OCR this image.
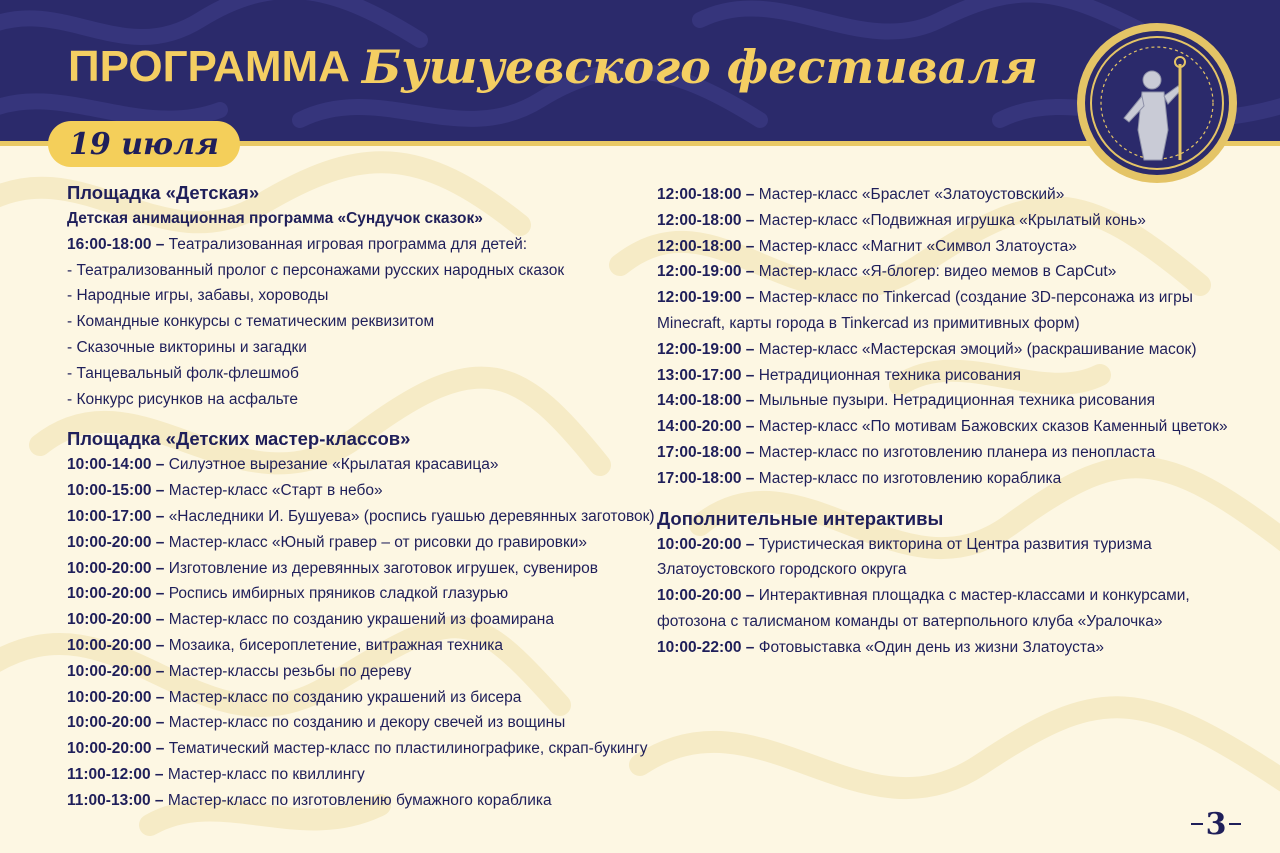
ПРОГРАММА Бушуевского фестиваля
19 июля
Площадка «Детская»
Детская анимационная программа «Сундучок сказок»
16:00-18:00 – Театрализованная игровая программа для детей:
- Театрализованный пролог с персонажами русских народных сказок
- Народные игры, забавы, хороводы
- Командные конкурсы с тематическим реквизитом
- Сказочные викторины и загадки
- Танцевальный фолк-флешмоб
- Конкурс рисунков на асфальте
Площадка «Детских мастер-классов»
10:00-14:00 – Силуэтное вырезание «Крылатая красавица»
10:00-15:00 – Мастер-класс «Старт в небо»
10:00-17:00 – «Наследники И. Бушуева» (роспись гуашью деревянных заготовок)
10:00-20:00 – Мастер-класс «Юный гравер – от рисовки до гравировки»
10:00-20:00 – Изготовление из деревянных заготовок игрушек, сувениров
10:00-20:00 – Роспись имбирных пряников сладкой глазурью
10:00-20:00 – Мастер-класс по созданию украшений из фоамирана
10:00-20:00 – Мозаика, бисероплетение, витражная техника
10:00-20:00 – Мастер-классы резьбы по дереву
10:00-20:00 – Мастер-класс по созданию украшений из бисера
10:00-20:00 – Мастер-класс по созданию и декору свечей из вощины
10:00-20:00 – Тематический мастер-класс по пластилинографике, скрап-букингу
11:00-12:00 – Мастер-класс по квиллингу
11:00-13:00 – Мастер-класс по изготовлению бумажного кораблика
12:00-18:00 – Мастер-класс «Браслет «Златоустовский»
12:00-18:00 – Мастер-класс «Подвижная игрушка «Крылатый конь»
12:00-18:00 – Мастер-класс «Магнит «Символ Златоуста»
12:00-19:00 – Мастер-класс «Я-блогер: видео мемов в CapCut»
12:00-19:00 – Мастер-класс по Tinkercad (создание 3D-персонажа из игры Minecraft, карты города в Tinkercad из примитивных форм)
12:00-19:00 – Мастер-класс «Мастерская эмоций» (раскрашивание масок)
13:00-17:00 – Нетрадиционная техника рисования
14:00-18:00 – Мыльные пузыри. Нетрадиционная техника рисования
14:00-20:00 – Мастер-класс «По мотивам Бажовских сказов Каменный цветок»
17:00-18:00 – Мастер-класс по изготовлению планера из пенопласта
17:00-18:00 – Мастер-класс по изготовлению кораблика
Дополнительные интерактивы
10:00-20:00 – Туристическая викторина от Центра развития туризма Златоустовского городского округа
10:00-20:00 – Интерактивная площадка с мастер-классами и конкурсами, фотозона с талисманом команды от ватерпольного клуба «Уралочка»
10:00-22:00 – Фотовыставка «Один день из жизни Златоуста»
3
